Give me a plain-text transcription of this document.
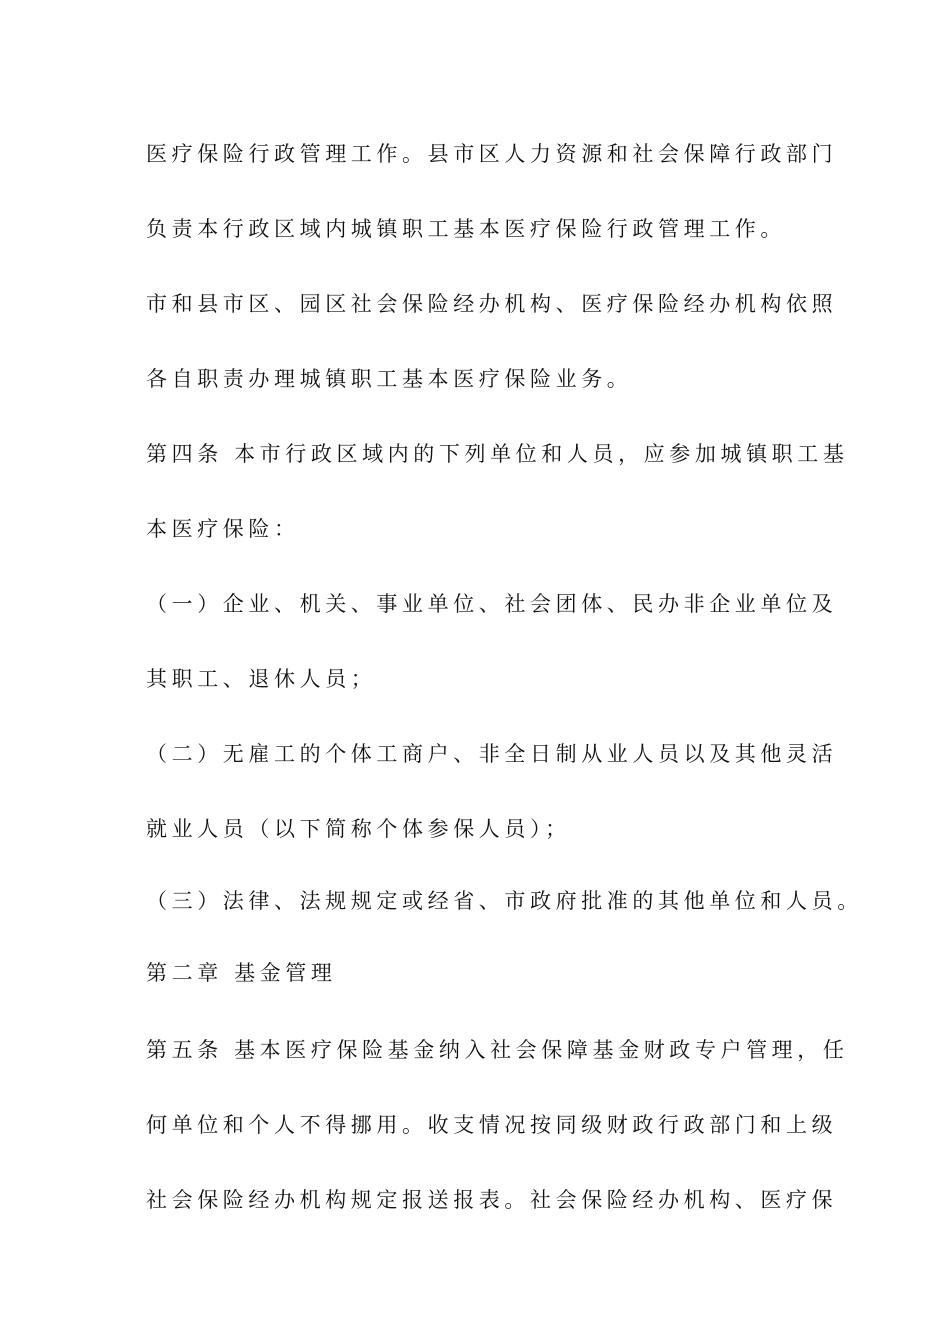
医疗保险行政管理工作。县市区人力资源和社会保障行政部门

负责本行政区域内城镇职工基本医疗保险行政管理工作。

市和县市区、园区社会保险经办机构、医疗保险经办机构依照

各自职责办理城镇职工基本医疗保险业务。

第四条 本市行政区域内的下列单位和人员，应参加城镇职工基

本医疗保险：

（一）企业、机关、事业单位、社会团体、民办非企业单位及

其职工、退休人员；

（二）无雇工的个体工商户、非全日制从业人员以及其他灵活

就业人员（以下简称个体参保人员）；

（三）法律、法规规定或经省、市政府批准的其他单位和人员。

第二章 基金管理

第五条 基本医疗保险基金纳入社会保障基金财政专户管理，任

何单位和个人不得挪用。收支情况按同级财政行政部门和上级

社会保险经办机构规定报送报表。社会保险经办机构、医疗保
